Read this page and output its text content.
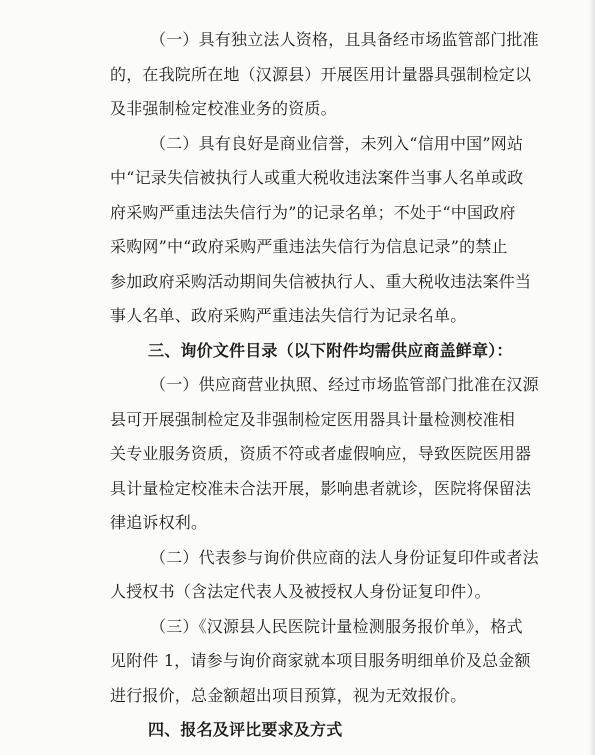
（一）具有独立法人资格，且具备经市场监管部门批准
的，在我院所在地（汉源县）开展医用计量器具强制检定以
及非强制检定校准业务的资质。
（二）具有良好是商业信誉，未列入“信用中国”网站
中“记录失信被执行人或重大税收违法案件当事人名单或政
府采购严重违法失信行为”的记录名单；不处于“中国政府
采购网”中“政府采购严重违法失信行为信息记录”的禁止
参加政府采购活动期间失信被执行人、重大税收违法案件当
事人名单、政府采购严重违法失信行为记录名单。
三、询价文件目录（以下附件均需供应商盖鲜章）：
（一）供应商营业执照、经过市场监管部门批准在汉源
县可开展强制检定及非强制检定医用器具计量检测校准相
关专业服务资质，资质不符或者虚假响应，导致医院医用器
具计量检定校准未合法开展，影响患者就诊，医院将保留法
律追诉权利。
（二）代表参与询价供应商的法人身份证复印件或者法
人授权书（含法定代表人及被授权人身份证复印件）。
（三）《汉源县人民医院计量检测服务报价单》，格式
见附件 1，请参与询价商家就本项目服务明细单价及总金额
进行报价，总金额超出项目预算，视为无效报价。
四、报名及评比要求及方式
